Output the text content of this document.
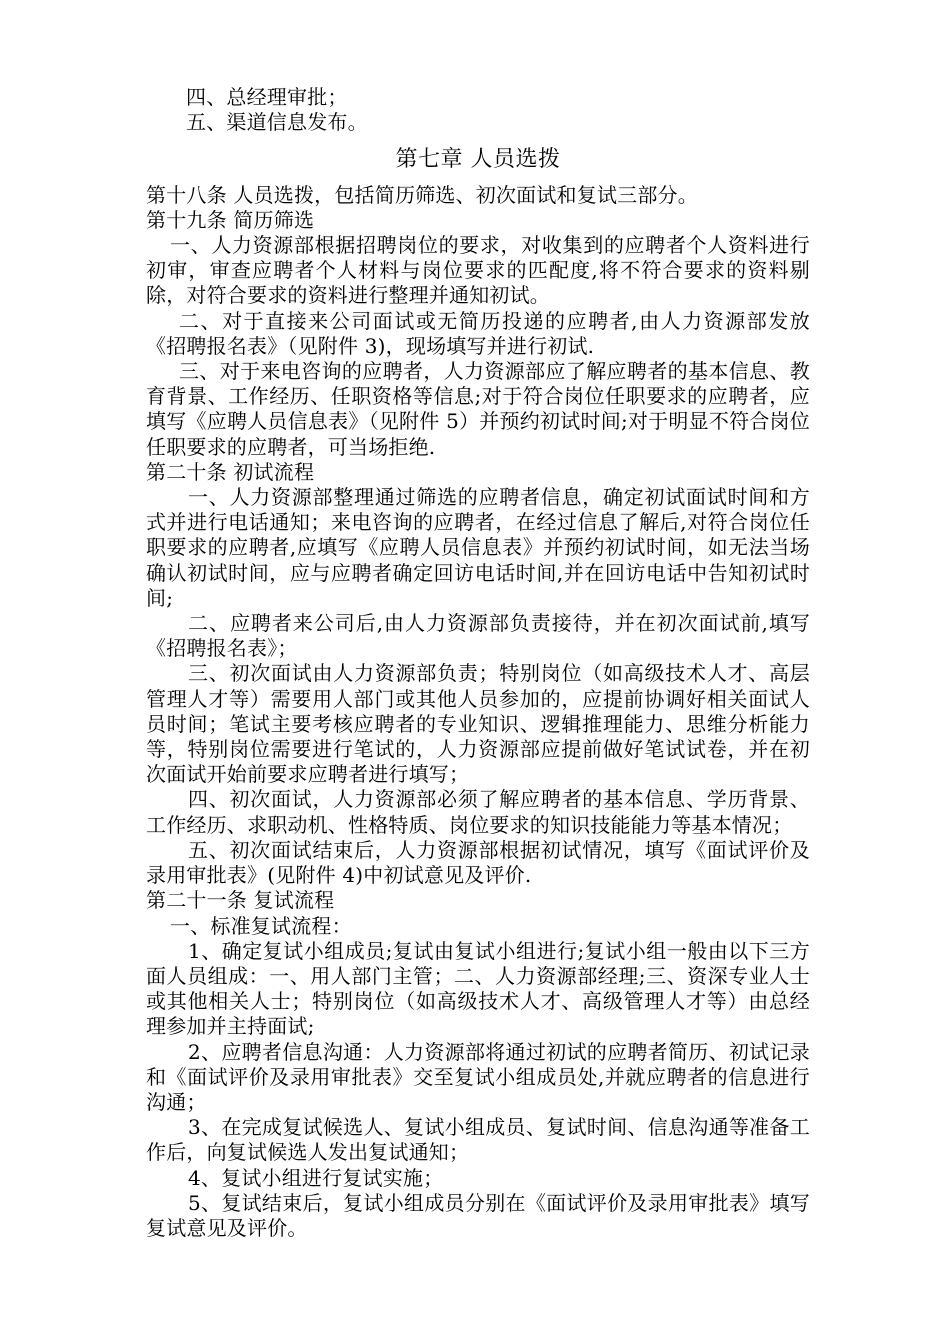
四、总经理审批；

五、渠道信息发布。

第七章 人员选拨

第十八条 人员选拨，包括简历筛选、初次面试和复试三部分。

第十九条 简历筛选

一、人力资源部根据招聘岗位的要求，对收集到的应聘者个人资料进行初审，审查应聘者个人材料与岗位要求的匹配度,将不符合要求的资料剔除，对符合要求的资料进行整理并通知初试。

二、对于直接来公司面试或无简历投递的应聘者,由人力资源部发放《招聘报名表》（见附件 3)，现场填写并进行初试.

三、对于来电咨询的应聘者，人力资源部应了解应聘者的基本信息、教育背景、工作经历、任职资格等信息;对于符合岗位任职要求的应聘者，应填写《应聘人员信息表》（见附件 5）并预约初试时间;对于明显不符合岗位任职要求的应聘者，可当场拒绝.

第二十条 初试流程

一、人力资源部整理通过筛选的应聘者信息，确定初试面试时间和方式并进行电话通知；来电咨询的应聘者，在经过信息了解后,对符合岗位任职要求的应聘者,应填写《应聘人员信息表》并预约初试时间，如无法当场确认初试时间，应与应聘者确定回访电话时间,并在回访电话中告知初试时间;

二、应聘者来公司后,由人力资源部负责接待，并在初次面试前,填写《招聘报名表》；

三、初次面试由人力资源部负责；特别岗位（如高级技术人才、高层管理人才等）需要用人部门或其他人员参加的，应提前协调好相关面试人员时间；笔试主要考核应聘者的专业知识、逻辑推理能力、思维分析能力等，特别岗位需要进行笔试的，人力资源部应提前做好笔试试卷，并在初次面试开始前要求应聘者进行填写；

四、初次面试，人力资源部必须了解应聘者的基本信息、学历背景、工作经历、求职动机、性格特质、岗位要求的知识技能能力等基本情况；

五、初次面试结束后，人力资源部根据初试情况，填写《面试评价及录用审批表》(见附件 4)中初试意见及评价.

第二十一条 复试流程

一、标准复试流程：

1、确定复试小组成员;复试由复试小组进行;复试小组一般由以下三方面人员组成：一、用人部门主管；二、人力资源部经理;三、资深专业人士或其他相关人士；特别岗位（如高级技术人才、高级管理人才等）由总经理参加并主持面试;

2、应聘者信息沟通：人力资源部将通过初试的应聘者简历、初试记录和《面试评价及录用审批表》交至复试小组成员处,并就应聘者的信息进行沟通；

3、在完成复试候选人、复试小组成员、复试时间、信息沟通等准备工作后，向复试候选人发出复试通知；

4、复试小组进行复试实施；

5、复试结束后，复试小组成员分别在《面试评价及录用审批表》填写复试意见及评价。
